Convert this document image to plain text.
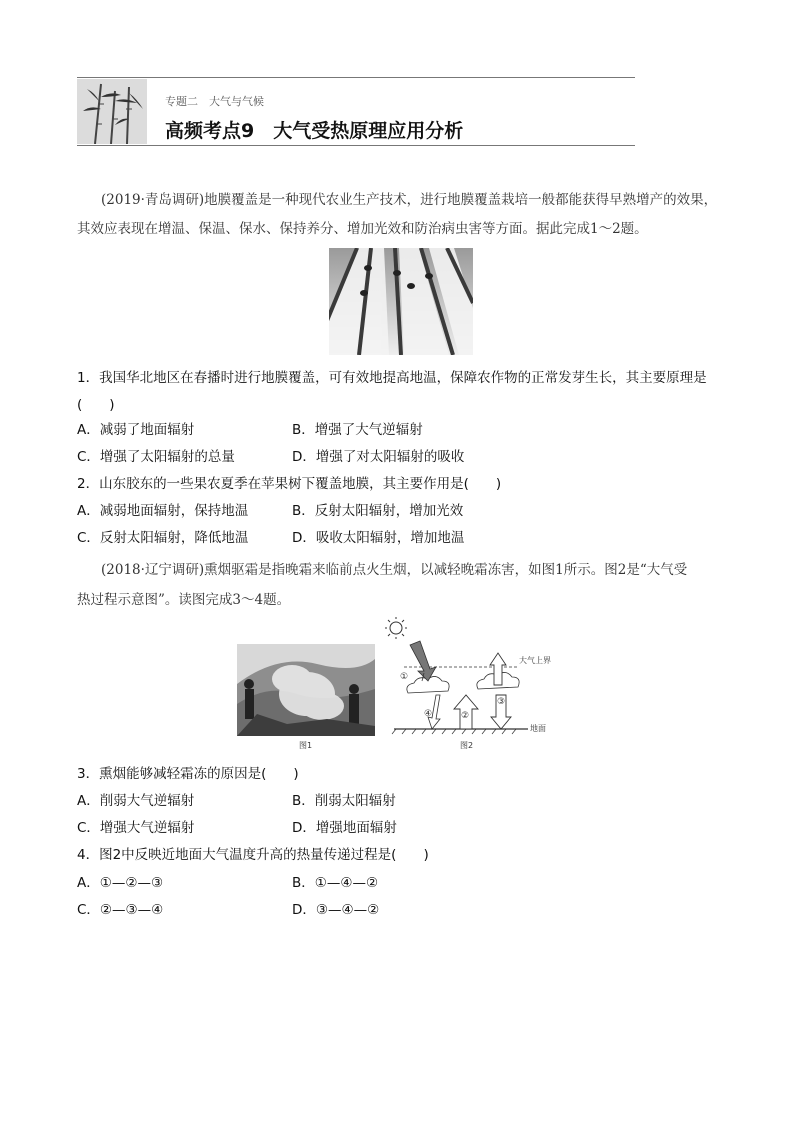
专题二　大气与气候
高频考点9　大气受热原理应用分析
(2019·青岛调研)地膜覆盖是一种现代农业生产技术，进行地膜覆盖栽培一般都能获得早熟增产的效果，
其效应表现在增温、保温、保水、保持养分、增加光效和防治病虫害等方面。据此完成1～2题。
1．我国华北地区在春播时进行地膜覆盖，可有效地提高地温，保障农作物的正常发芽生长，其主要原理是
(　　)
A．减弱了地面辐射	B．增强了大气逆辐射
C．增强了太阳辐射的总量	D．增强了对太阳辐射的吸收
2．山东胶东的一些果农夏季在苹果树下覆盖地膜，其主要作用是(　　)
A．减弱地面辐射，保持地温	B．反射太阳辐射，增加光效
C．反射太阳辐射，降低地温	D．吸收太阳辐射，增加地温
(2018·辽宁调研)熏烟驱霜是指晚霜来临前点火生烟，以减轻晚霜冻害，如图1所示。图2是“大气受
热过程示意图”。读图完成3～4题。
图1
①
④	②
③
大气上界
地面
图2
3．熏烟能够减轻霜冻的原因是(　　)
A．削弱大气逆辐射	B．削弱太阳辐射
C．增强大气逆辐射	D．增强地面辐射
4．图2中反映近地面大气温度升高的热量传递过程是(　　)
A．①—②—③	B．①—④—②
C．②—③—④	D．③—④—②
